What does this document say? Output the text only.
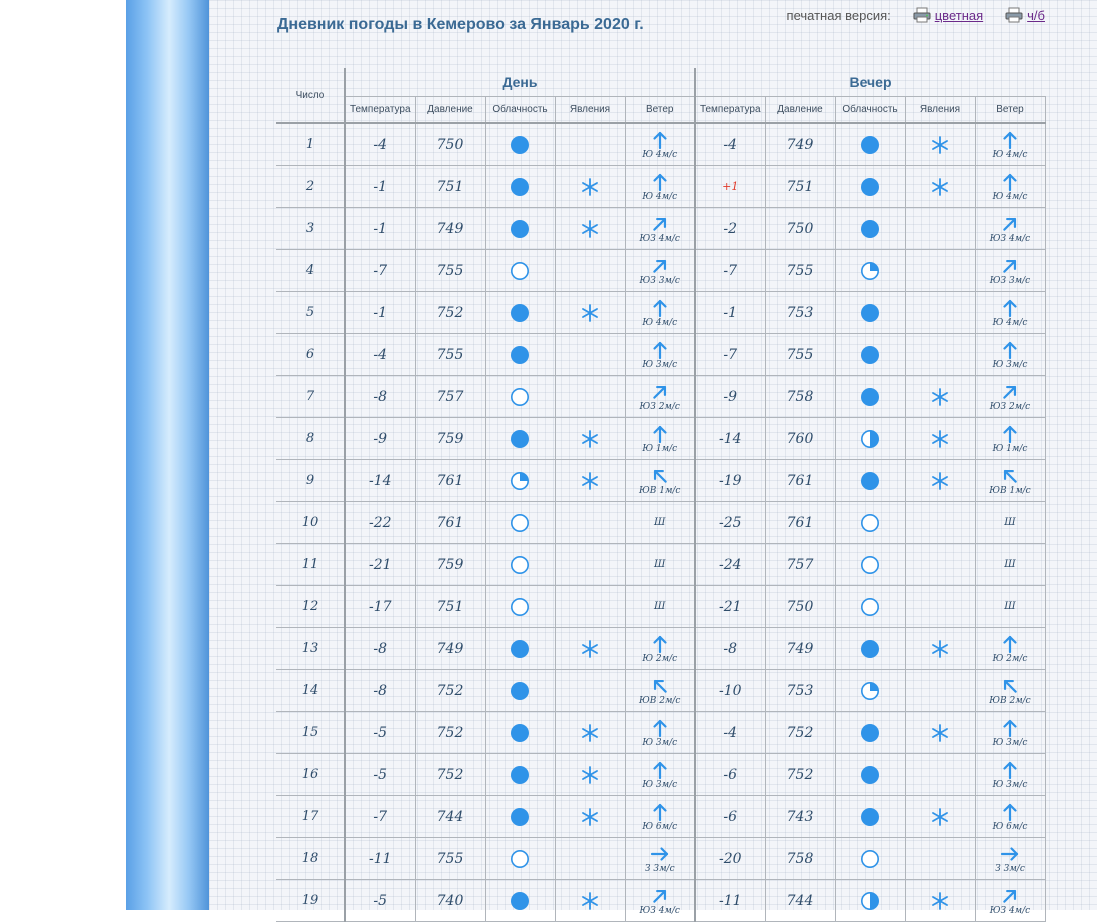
Дневник погоды в Кемерово за Январь 2020 г.
печатная версия:	цветная	ч/б
Число	День					Вечер				
	Температура	Давление	Облачность	Явления	Ветер	Температура	Давление	Облачность	Явления	Ветер
1	-4	750			Ю 4м/с	-4	749			Ю 4м/с

2	-1	751			Ю 4м/с	+1	751			Ю 4м/с

3	-1	749			ЮЗ 4м/с	-2	750			ЮЗ 4м/с

4	-7	755			ЮЗ 3м/с	-7	755			ЮЗ 3м/с

5	-1	752			Ю 4м/с	-1	753			Ю 4м/с

6	-4	755			Ю 3м/с	-7	755			Ю 3м/с

7	-8	757			ЮЗ 2м/с	-9	758			ЮЗ 2м/с

8	-9	759			Ю 1м/с	-14	760			Ю 1м/с

9	-14	761			ЮВ 1м/с	-19	761			ЮВ 1м/с

10	-22	761			Ш	-25	761			Ш

11	-21	759			Ш	-24	757			Ш

12	-17	751			Ш	-21	750			Ш

13	-8	749			Ю 2м/с	-8	749			Ю 2м/с

14	-8	752			ЮВ 2м/с	-10	753			ЮВ 2м/с

15	-5	752			Ю 3м/с	-4	752			Ю 3м/с

16	-5	752			Ю 3м/с	-6	752			Ю 3м/с

17	-7	744			Ю 6м/с	-6	743			Ю 6м/с

18	-11	755			З 3м/с	-20	758			З 3м/с

19	-5	740			ЮЗ 4м/с	-11	744			ЮЗ 4м/с
